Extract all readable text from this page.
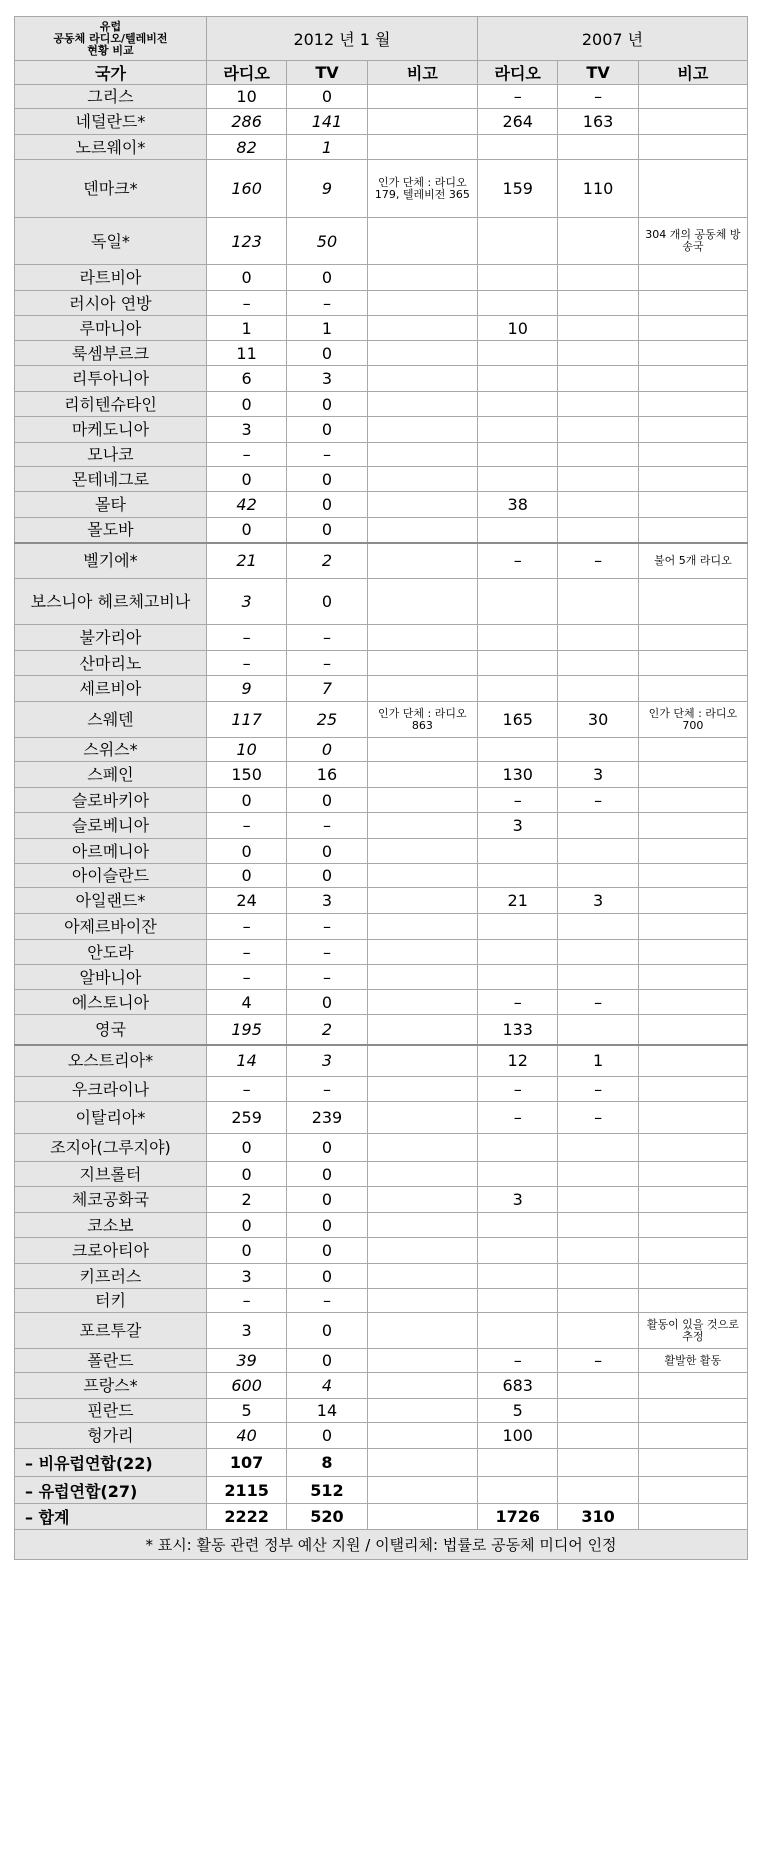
유럽
공동체 라디오/텔레비전
현황 비교	2012 년 1 월			2007 년		
국가	라디오	TV	비고	라디오	TV	비고
그리스	10	0		–	–	
네덜란드*	286	141		264	163	
노르웨이*	82	1				
덴마크*	160	9	인가 단체 : 라디오 179, 텔레비전 365	159	110	
독일*	123	50				304 개의 공동체 방송국
라트비아	0	0				
러시아 연방	–	–				
루마니아	1	1		10		
룩셈부르크	11	0				
리투아니아	6	3				
리히텐슈타인	0	0				
마케도니아	3	0				
모나코	–	–				
몬테네그로	0	0				
몰타	42	0		38		
몰도바	0	0				
벨기에*	21	2		–	–	불어 5개 라디오
보스니아 헤르체고비나	3	0				
불가리아	–	–				
산마리노	–	–				
세르비아	9	7				
스웨덴	117	25	인가 단체 : 라디오 863	165	30	인가 단체 : 라디오 700
스위스*	10	0				
스페인	150	16		130	3	
슬로바키아	0	0		–	–	
슬로베니아	–	–		3		
아르메니아	0	0				
아이슬란드	0	0				
아일랜드*	24	3		21	3	
아제르바이잔	–	–				
안도라	–	–				
알바니아	–	–				
에스토니아	4	0		–	–	
영국	195	2		133		
오스트리아*	14	3		12	1	
우크라이나	–	–		–	–	
이탈리아*	259	239		–	–	
조지아(그루지야)	0	0				
지브롤터	0	0				
체코공화국	2	0		3		
코소보	0	0				
크로아티아	0	0				
키프러스	3	0				
터키	–	–				
포르투갈	3	0				활동이 있을 것으로 추정
폴란드	39	0		–	–	활발한 활동
프랑스*	600	4		683		
핀란드	5	14		5		
헝가리	40	0		100		
– 비유럽연합(22)	107	8				
– 유럽연합(27)	2115	512				
– 합계	2222	520		1726	310	
* 표시: 활동 관련 정부 예산 지원 / 이탤리체: 법률로 공동체 미디어 인정						
